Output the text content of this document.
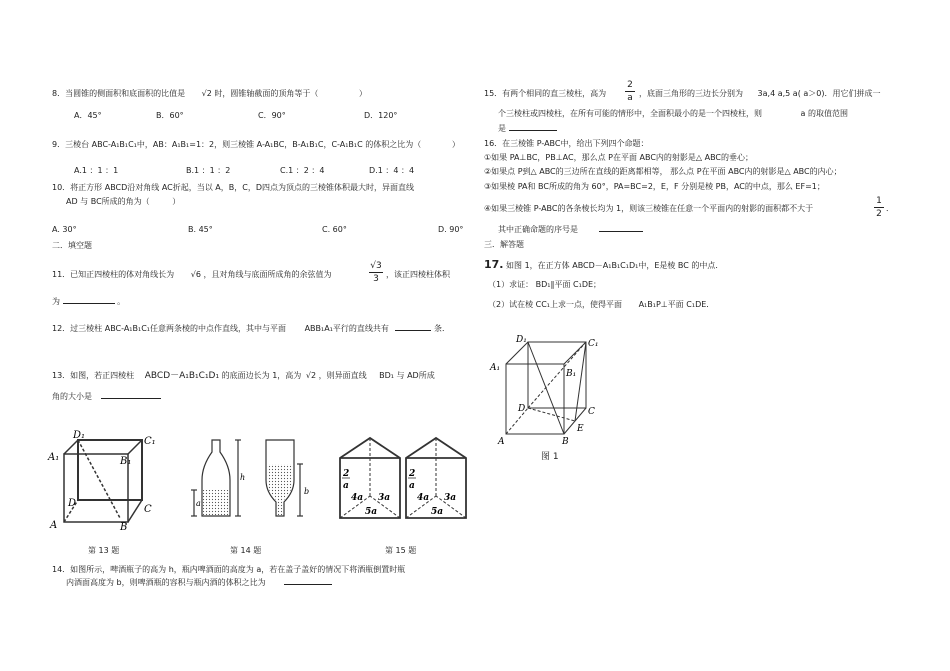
8．当圆锥的侧面积和底面积的比值是 √2 时，圆锥轴截面的顶角等于（	）
A．45°	B．60°	C．90°	D．120°
9．三棱台 ABC-A₁B₁C₁中，AB：A₁B₁=1：2，则三棱锥 A-A₁BC，B-A₁B₁C，C-A₁B₁C 的体积之比为（	）
A.1 ：1 ：1	B.1 ：1 ：2	C.1 ：2 ：4	D.1 ：4 ：4
10．将正方形 ABCD沿对角线 AC折起，当以 A，B，C，D四点为顶点的三棱锥体积最大时，异面直线
AD 与 BC所成的角为（	）
A. 30°	B. 45°	C. 60°	D. 90°
二．填空题
11．已知正四棱柱的体对角线长为 √6 ，且对角线与底面所成角的余弦值为
√3
3 ，该正四棱柱体积
为	。
12．过三棱柱 ABC-A₁B₁C₁任意两条棱的中点作直线，其中与平面 ABB₁A₁平行的直线共有	条．
13．如图，若正四棱柱 ABCD－A₁B₁C₁D₁ 的底面边长为 1，高为 √2 ，则异面直线 BD₁ 与 AD所成
角的大小是
14．如图所示，啤酒瓶子的高为 h，瓶内啤酒面的高度为 a，若在盖子盖好的情况下将酒瓶倒置时瓶
内酒面高度为 b，则啤酒瓶的容积与瓶内酒的体积之比为
D₁
C₁
A₁	B₁
D
C
A	B
第 13 题
h
a
b
第 14 题
2
a
4a 3a
5a
2
a
4a 3a
5a
第 15 题
15．有两个相同的直三棱柱，高为
2
a ，底面三角形的三边长分别为 3a,4 a,5 a( a＞0)．用它们拼成一
个三棱柱或四棱柱，在所有可能的情形中，全面积最小的是一个四棱柱，则	a 的取值范围
是
16．在三棱锥 P-ABC中，给出下列四个命题：
①如果 PA⊥BC，PB⊥AC，那么点 P在平面 ABC内的射影是△ ABC的垂心；
②如果点 P到△ ABC的三边所在直线的距离都相等， 那么点 P在平面 ABC内的射影是△ ABC的内心；
③如果棱 PA和 BC所成的角为 60°，PA=BC=2，E，F 分别是棱 PB，AC的中点，那么 EF=1；
④如果三棱锥 P-ABC的各条棱长均为 1，则该三棱锥在任意一个平面内的射影的面积都不大于
1
2
．
其中正确命题的序号是
三．解答题
17. 如图 1，在正方体 ABCD－A₁B₁C₁D₁中，E是棱 BC 的中点．
（1）求证： BD₁∥平面 C₁DE；
（2）试在棱 CC₁上求一点，使得平面 A₁B₁P⊥平面 C₁DE．
D₁	C₁
A₁
B₁
D	C
A	B
E
图 1
